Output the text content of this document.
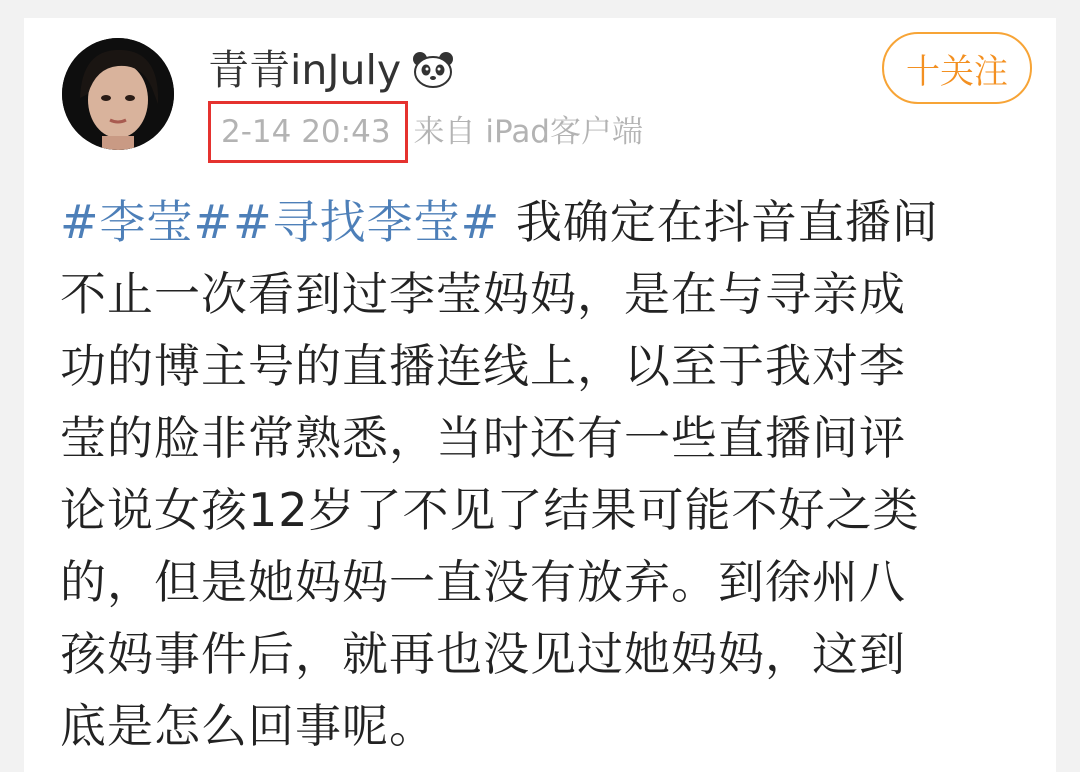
青青inJuly
2-14 20:43 来自 iPad客户端
十关注
#李莹##寻找李莹# 我确定在抖音直播间
不止一次看到过李莹妈妈，是在与寻亲成
功的博主号的直播连线上，以至于我对李
莹的脸非常熟悉，当时还有一些直播间评
论说女孩12岁了不见了结果可能不好之类
的，但是她妈妈一直没有放弃。到徐州八
孩妈事件后，就再也没见过她妈妈，这到
底是怎么回事呢。
